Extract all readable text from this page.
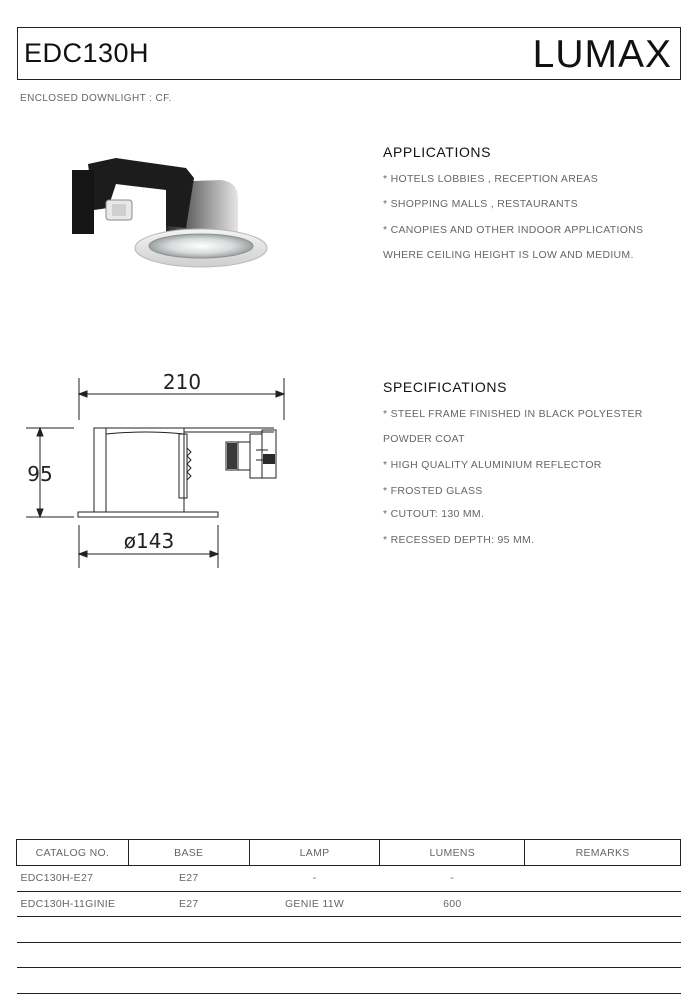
EDC130H	LUMAX
ENCLOSED DOWNLIGHT : CF.
APPLICATIONS
* HOTELS LOBBIES , RECEPTION AREAS
* SHOPPING MALLS , RESTAURANTS
* CANOPIES AND OTHER INDOOR APPLICATIONS
WHERE CEILING HEIGHT IS LOW AND MEDIUM.
210
95
ø143
SPECIFICATIONS
* STEEL FRAME FINISHED IN BLACK POLYESTER
POWDER COAT
* HIGH QUALITY ALUMINIUM REFLECTOR
* FROSTED GLASS
* CUTOUT: 130 MM.
* RECESSED DEPTH: 95 MM.
CATALOG NO.	BASE	LAMP	LUMENS	REMARKS
EDC130H-E27	E27	-	-	
EDC130H-11GINIE	E27	GENIE 11W	600	
